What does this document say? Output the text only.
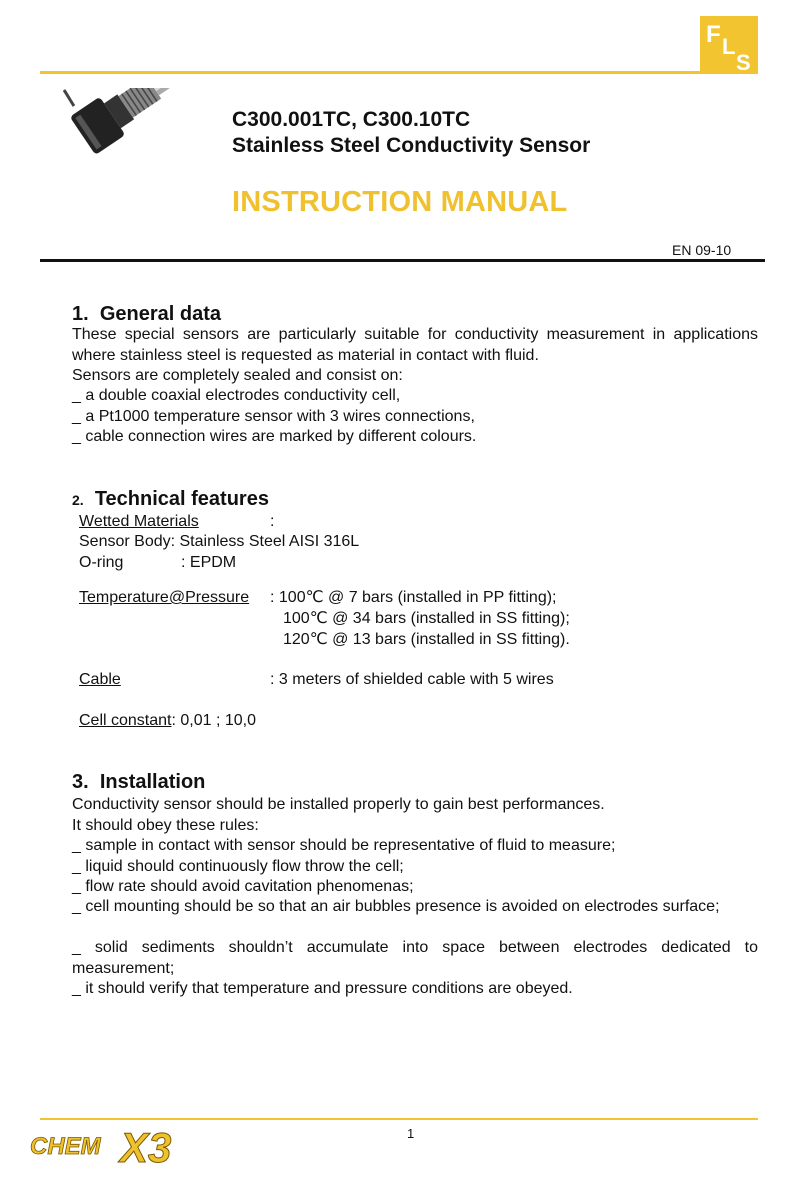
F L
S
C300.001TC, C300.10TC
Stainless Steel Conductivity Sensor
INSTRUCTION MANUAL
EN 09-10
1. General data
These special sensors are particularly suitable for conductivity measurement in applications where stainless steel is requested as material in contact with fluid.
Sensors are completely sealed and consist on:
_ a double coaxial electrodes conductivity cell,
_ a Pt1000 temperature sensor with 3 wires connections,
_ cable connection wires are marked by different colours.
2. Technical features
Wetted Materials	:
Sensor Body: Stainless Steel AISI 316L
O-ring	: EPDM
Temperature@Pressure : 100℃ @ 7 bars (installed in PP fitting);
100℃ @ 34 bars (installed in SS fitting);
120℃ @ 13 bars (installed in SS fitting).
Cable	: 3 meters of shielded cable with 5 wires
Cell constant: 0,01 ; 10,0
3. Installation
Conductivity sensor should be installed properly to gain best performances.
It should obey these rules:
_ sample in contact with sensor should be representative of fluid to measure;
_ liquid should continuously flow throw the cell;
_ flow rate should avoid cavitation phenomenas;
_ cell mounting should be so that an air bubbles presence is avoided on electrodes surface;
_ solid sediments shouldn’t accumulate into space between electrodes dedicated to measurement;
_ it should verify that temperature and pressure conditions are obeyed.
1
CHEM X3
